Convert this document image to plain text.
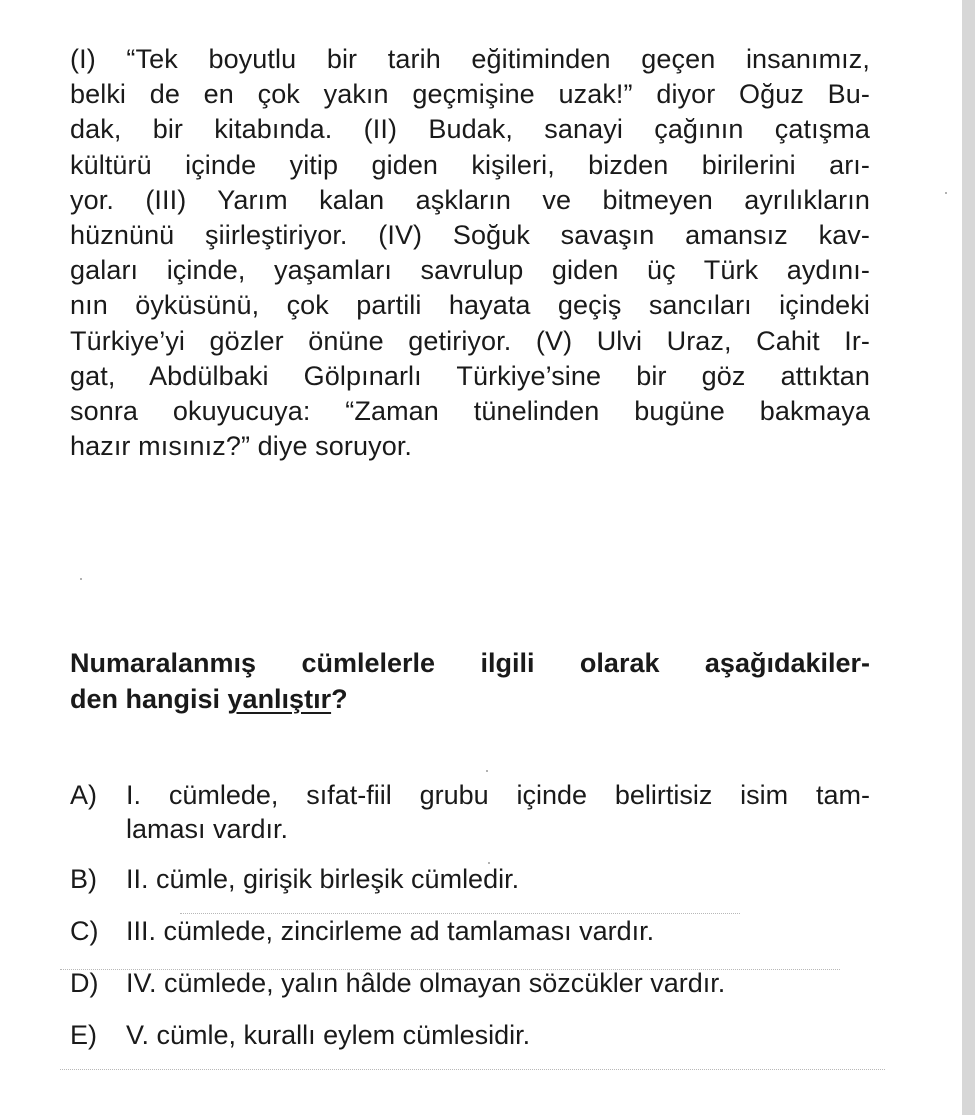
(I) “Tek boyutlu bir tarih eğitiminden geçen insanımız,
belki de en çok yakın geçmişine uzak!” diyor Oğuz Bu-
dak, bir kitabında. (II) Budak, sanayi çağının çatışma
kültürü içinde yitip giden kişileri, bizden birilerini arı-
yor. (III) Yarım kalan aşkların ve bitmeyen ayrılıkların
hüznünü şiirleştiriyor. (IV) Soğuk savaşın amansız kav-
gaları içinde, yaşamları savrulup giden üç Türk aydını-
nın öyküsünü, çok partili hayata geçiş sancıları içindeki
Türkiye’yi gözler önüne getiriyor. (V) Ulvi Uraz, Cahit Ir-
gat, Abdülbaki Gölpınarlı Türkiye’sine bir göz attıktan
sonra okuyucuya: “Zaman tünelinden bugüne bakmaya
hazır mısınız?” diye soruyor.
Numaralanmış cümlelerle ilgili olarak aşağıdakiler-
den hangisi yanlıştır?
A)	I. cümlede, sıfat-fiil grubu içinde belirtisiz isim tam-
laması vardır.
B)	II. cümle, girişik birleşik cümledir.
C)	III. cümlede, zincirleme ad tamlaması vardır.
D)	IV. cümlede, yalın hâlde olmayan sözcükler vardır.
E)	V. cümle, kurallı eylem cümlesidir.
